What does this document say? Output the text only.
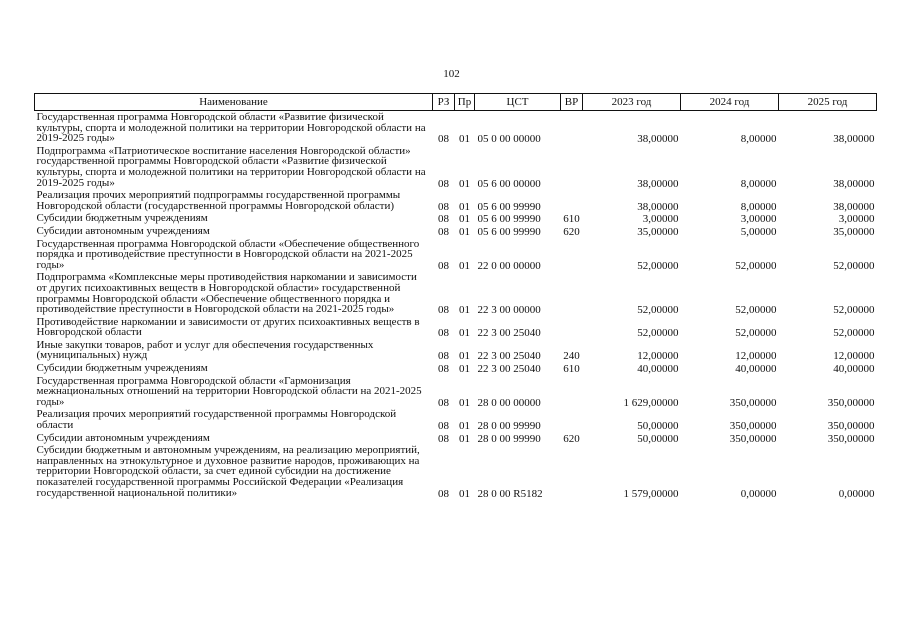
102
Наименование	РЗ	Пр	ЦСТ	ВР	2023 год	2024 год	2025 год
Государственная программа Новгородской области «Развитие физической культуры, спорта и молодежной политики на территории Новгородской области на 2019-2025 годы»	08	01	05 0 00 00000		38,00000	8,00000	38,00000
Подпрограмма «Патриотическое воспитание населения Новгородской области» государственной программы Новгородской области «Развитие физической культуры, спорта и молодежной политики на территории Новгородской области на 2019-2025 годы»	08	01	05 6 00 00000		38,00000	8,00000	38,00000
Реализация прочих мероприятий подпрограммы государственной программы Новгородской области (государственной программы Новгородской области)	08	01	05 6 00 99990		38,00000	8,00000	38,00000
Субсидии бюджетным учреждениям	08	01	05 6 00 99990	610	3,00000	3,00000	3,00000
Субсидии автономным учреждениям	08	01	05 6 00 99990	620	35,00000	5,00000	35,00000
Государственная программа Новгородской области «Обеспечение общественного порядка и противодействие преступности в Новгородской области на 2021-2025 годы»	08	01	22 0 00 00000		52,00000	52,00000	52,00000
Подпрограмма «Комплексные меры противодействия наркомании и зависимости от других психоактивных веществ в Новгородской области» государственной программы Новгородской области «Обеспечение общественного порядка и противодействие преступности в Новгородской области на 2021-2025 годы»	08	01	22 3 00 00000		52,00000	52,00000	52,00000
Противодействие наркомании и зависимости от других психоактивных веществ в Новгородской области	08	01	22 3 00 25040		52,00000	52,00000	52,00000
Иные закупки товаров, работ и услуг для обеспечения государственных (муниципальных) нужд	08	01	22 3 00 25040	240	12,00000	12,00000	12,00000
Субсидии бюджетным учреждениям	08	01	22 3 00 25040	610	40,00000	40,00000	40,00000
Государственная программа Новгородской области «Гармонизация межнациональных отношений на территории Новгородской области на 2021-2025 годы»	08	01	28 0 00 00000		1 629,00000	350,00000	350,00000
Реализация прочих мероприятий государственной программы Новгородской области	08	01	28 0 00 99990		50,00000	350,00000	350,00000
Субсидии автономным учреждениям	08	01	28 0 00 99990	620	50,00000	350,00000	350,00000
Субсидии бюджетным и автономным учреждениям, на реализацию мероприятий, направленных на этнокультурное и духовное развитие народов, проживающих на территории Новгородской области, за счет единой субсидии на достижение показателей государственной программы Российской Федерации «Реализация государственной национальной политики»	08	01	28 0 00 R5182		1 579,00000	0,00000	0,00000
